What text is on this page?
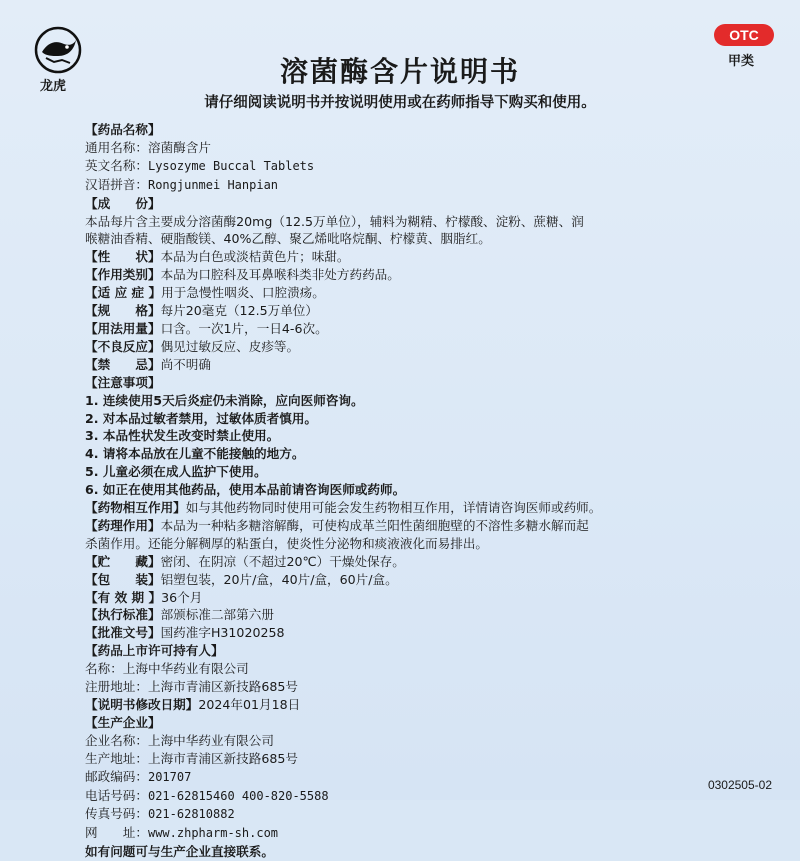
龙虎
OTC
甲类
溶菌酶含片说明书
请仔细阅读说明书并按说明使用或在药师指导下购买和使用。
【药品名称】
通用名称：溶菌酶含片
英文名称：Lysozyme Buccal Tablets
汉语拼音：Rongjunmei Hanpian
【成　　份】
本品每片含主要成分溶菌酶20mg（12.5万单位），辅料为糊精、柠檬酸、淀粉、蔗糖、润
喉糖油香精、硬脂酸镁、40%乙醇、聚乙烯吡咯烷酮、柠檬黄、胭脂红。
【性　　状】本品为白色或淡桔黄色片；味甜。
【作用类别】本品为口腔科及耳鼻喉科类非处方药药品。
【适 应 症 】用于急慢性咽炎、口腔溃疡。
【规　　格】每片20毫克（12.5万单位）
【用法用量】口含。一次1片，一日4-6次。
【不良反应】偶见过敏反应、皮疹等。
【禁　　忌】尚不明确
【注意事项】
1. 连续使用5天后炎症仍未消除，应向医师咨询。
2. 对本品过敏者禁用，过敏体质者慎用。
3. 本品性状发生改变时禁止使用。
4. 请将本品放在儿童不能接触的地方。
5. 儿童必须在成人监护下使用。
6. 如正在使用其他药品，使用本品前请咨询医师或药师。
【药物相互作用】如与其他药物同时使用可能会发生药物相互作用，详情请咨询医师或药师。
【药理作用】本品为一种粘多糖溶解酶，可使构成革兰阳性菌细胞壁的不溶性多糖水解而起
杀菌作用。还能分解稠厚的粘蛋白，使炎性分泌物和痰液液化而易排出。
【贮　　藏】密闭、在阴凉（不超过20℃）干燥处保存。
【包　　装】铝塑包装，20片/盒，40片/盒，60片/盒。
【有 效 期 】36个月
【执行标准】部颁标准二部第六册
【批准文号】国药准字H31020258
【药品上市许可持有人】
名称：上海中华药业有限公司
注册地址：上海市青浦区新技路685号
【说明书修改日期】2024年01月18日
【生产企业】
企业名称：上海中华药业有限公司
生产地址：上海市青浦区新技路685号
邮政编码：201707
电话号码：021-62815460 400-820-5588
传真号码：021-62810882
网　　址：www.zhpharm-sh.com
如有问题可与生产企业直接联系。
0302505-02
